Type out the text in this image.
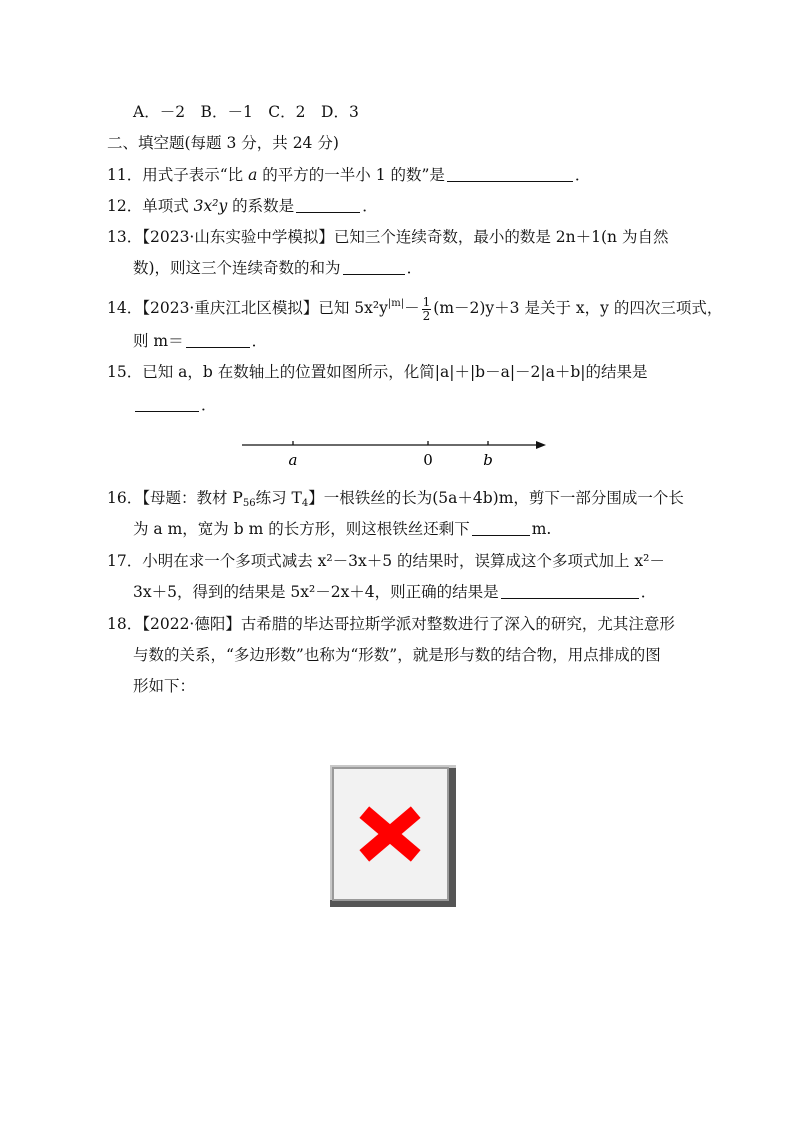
A．－2　B．－1　C．2　D．3
二、填空题(每题 3 分，共 24 分)
11．用式子表示“比 a 的平方的一半小 1 的数”是	．
12．单项式 3x²y 的系数是	．
13．【2023·山东实验中学模拟】已知三个连续奇数，最小的数是 2n＋1(n 为自然
数)，则这三个连续奇数的和为	．
14．【2023·重庆江北区模拟】已知 $5x^2y^{|m|}- \frac{1}{2} (m-2)y+3$ 是关于 x，y 的四次三项式，
则 m＝	．
15．已知 a，b 在数轴上的位置如图所示，化简|a|＋|b－a|－2|a＋b|的结果是
．
a	0	b
16．【母题：教材 $P_{56}$练习 $T_4$】一根铁丝的长为(5a＋4b)m，剪下一部分围成一个长
为 a m，宽为 b m 的长方形，则这根铁丝还剩下	m.
17．小明在求一个多项式减去 x²－3x＋5 的结果时，误算成这个多项式加上 x²－
3x＋5，得到的结果是 5x²－2x＋4，则正确的结果是	．
18．【2022·德阳】古希腊的毕达哥拉斯学派对整数进行了深入的研究，尤其注意形
与数的关系，“多边形数”也称为“形数”，就是形与数的结合物，用点排成的图
形如下：
